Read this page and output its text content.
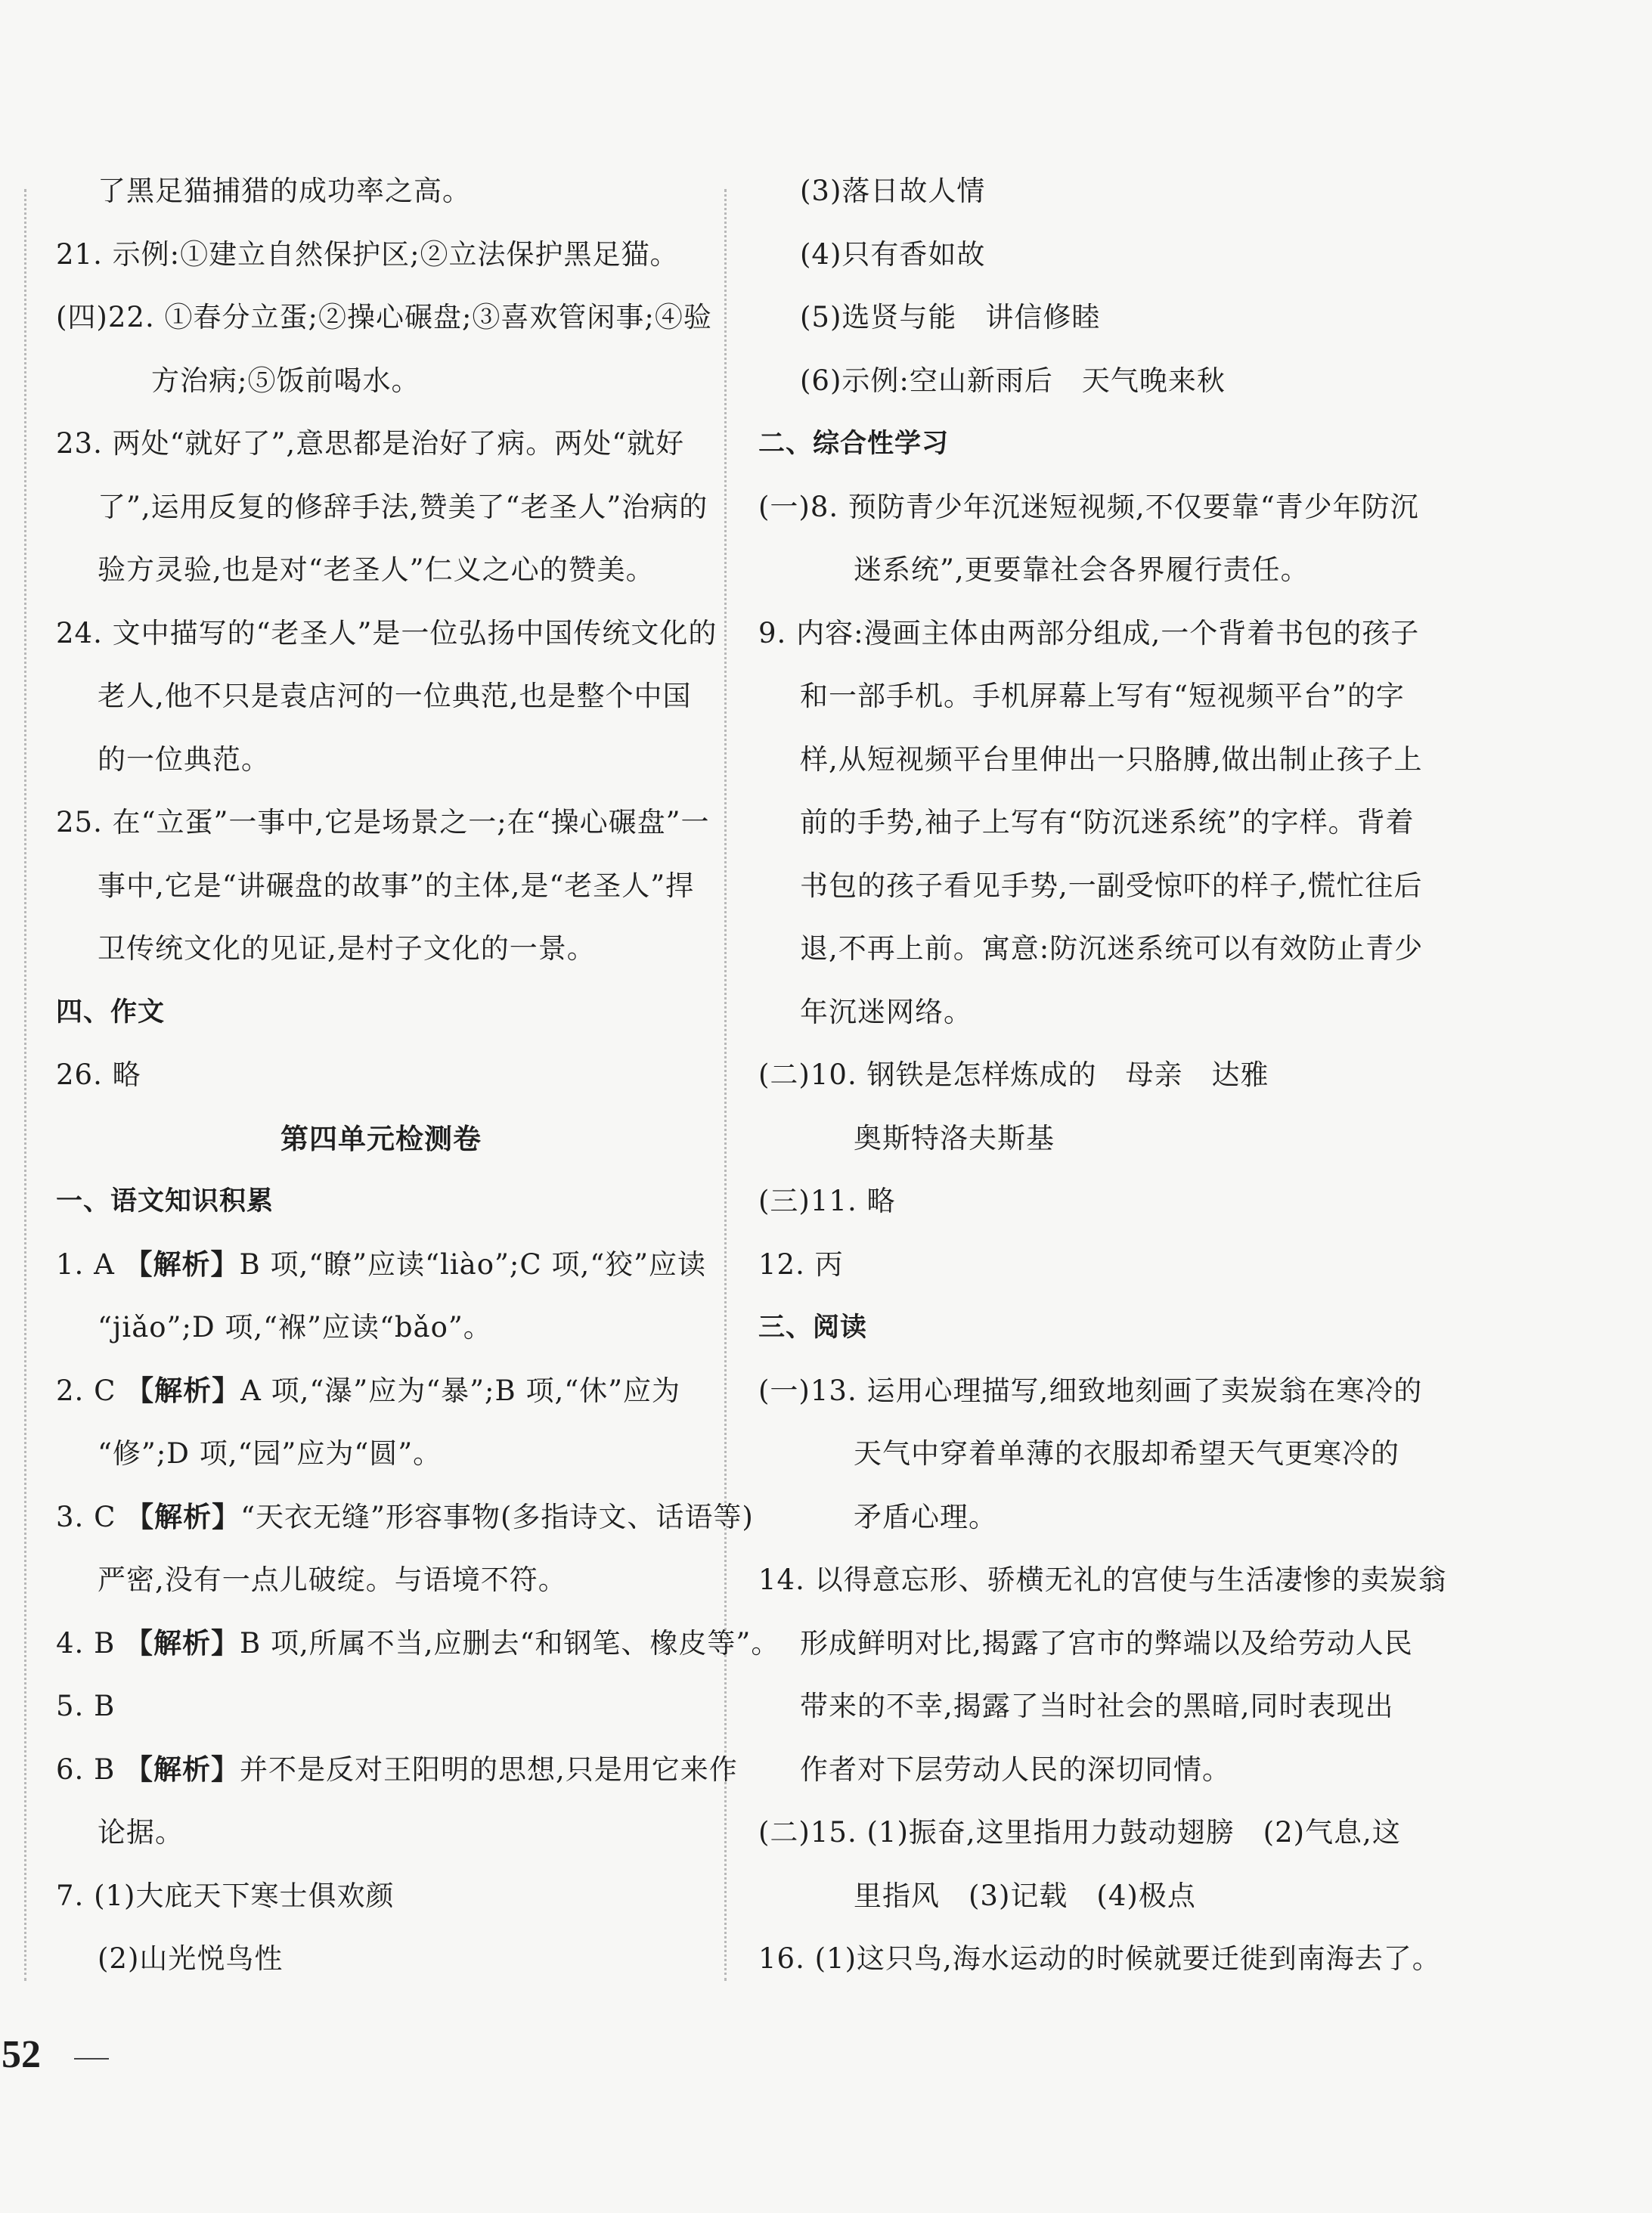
了黑足猫捕猎的成功率之高。
21. 示例:①建立自然保护区;②立法保护黑足猫。
(四)22. ①春分立蛋;②操心碾盘;③喜欢管闲事;④验
方治病;⑤饭前喝水。
23. 两处“就好了”,意思都是治好了病。两处“就好
了”,运用反复的修辞手法,赞美了“老圣人”治病的
验方灵验,也是对“老圣人”仁义之心的赞美。
24. 文中描写的“老圣人”是一位弘扬中国传统文化的
老人,他不只是袁店河的一位典范,也是整个中国
的一位典范。
25. 在“立蛋”一事中,它是场景之一;在“操心碾盘”一
事中,它是“讲碾盘的故事”的主体,是“老圣人”捍
卫传统文化的见证,是村子文化的一景。
四、作文
26. 略
第四单元检测卷
一、语文知识积累
1. A 【解析】B 项,“瞭”应读“liào”;C 项,“狡”应读
“jiǎo”;D 项,“褓”应读“bǎo”。
2. C 【解析】A 项,“瀑”应为“暴”;B 项,“休”应为
“修”;D 项,“园”应为“圆”。
3. C 【解析】“天衣无缝”形容事物(多指诗文、话语等)
严密,没有一点儿破绽。与语境不符。
4. B 【解析】B 项,所属不当,应删去“和钢笔、橡皮等”。
5. B
6. B 【解析】并不是反对王阳明的思想,只是用它来作
论据。
7. (1)大庇天下寒士俱欢颜
(2)山光悦鸟性
(3)落日故人情
(4)只有香如故
(5)选贤与能　讲信修睦
(6)示例:空山新雨后　天气晚来秋
二、综合性学习
(一)8. 预防青少年沉迷短视频,不仅要靠“青少年防沉
迷系统”,更要靠社会各界履行责任。
9. 内容:漫画主体由两部分组成,一个背着书包的孩子
和一部手机。手机屏幕上写有“短视频平台”的字
样,从短视频平台里伸出一只胳膊,做出制止孩子上
前的手势,袖子上写有“防沉迷系统”的字样。背着
书包的孩子看见手势,一副受惊吓的样子,慌忙往后
退,不再上前。寓意:防沉迷系统可以有效防止青少
年沉迷网络。
(二)10. 钢铁是怎样炼成的　母亲　达雅
奥斯特洛夫斯基
(三)11. 略
12. 丙
三、阅读
(一)13. 运用心理描写,细致地刻画了卖炭翁在寒冷的
天气中穿着单薄的衣服却希望天气更寒冷的
矛盾心理。
14. 以得意忘形、骄横无礼的宫使与生活凄惨的卖炭翁
形成鲜明对比,揭露了宫市的弊端以及给劳动人民
带来的不幸,揭露了当时社会的黑暗,同时表现出
作者对下层劳动人民的深切同情。
(二)15. (1)振奋,这里指用力鼓动翅膀　(2)气息,这
里指风　(3)记载　(4)极点
16. (1)这只鸟,海水运动的时候就要迁徙到南海去了。
52
